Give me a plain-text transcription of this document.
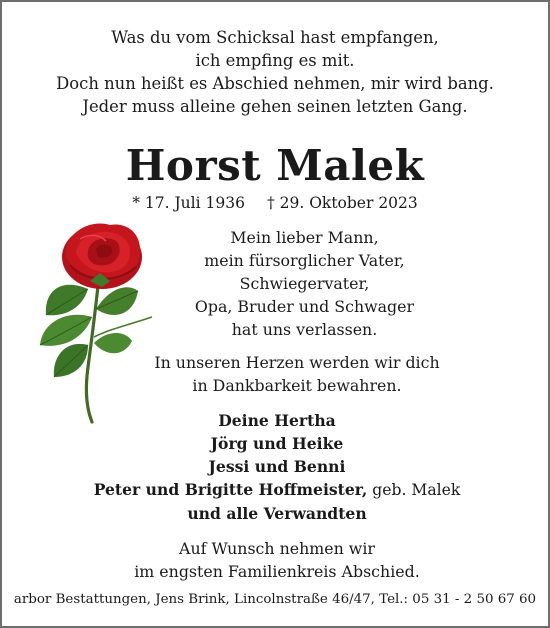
Was du vom Schicksal hast empfangen,
ich empfing es mit.
Doch nun heißt es Abschied nehmen, mir wird bang.
Jeder muss alleine gehen seinen letzten Gang.
Horst Malek
* 17. Juli 1936 † 29. Oktober 2023
Mein lieber Mann,
mein fürsorglicher Vater,
Schwiegervater,
Opa, Bruder und Schwager
hat uns verlassen.
In unseren Herzen werden wir dich
in Dankbarkeit bewahren.
Deine Hertha
Jörg und Heike
Jessi und Benni
Peter und Brigitte Hoffmeister, geb. Malek
und alle Verwandten
Auf Wunsch nehmen wir
im engsten Familienkreis Abschied.
arbor Bestattungen, Jens Brink, Lincolnstraße 46/47, Tel.: 05 31 - 2 50 67 60
